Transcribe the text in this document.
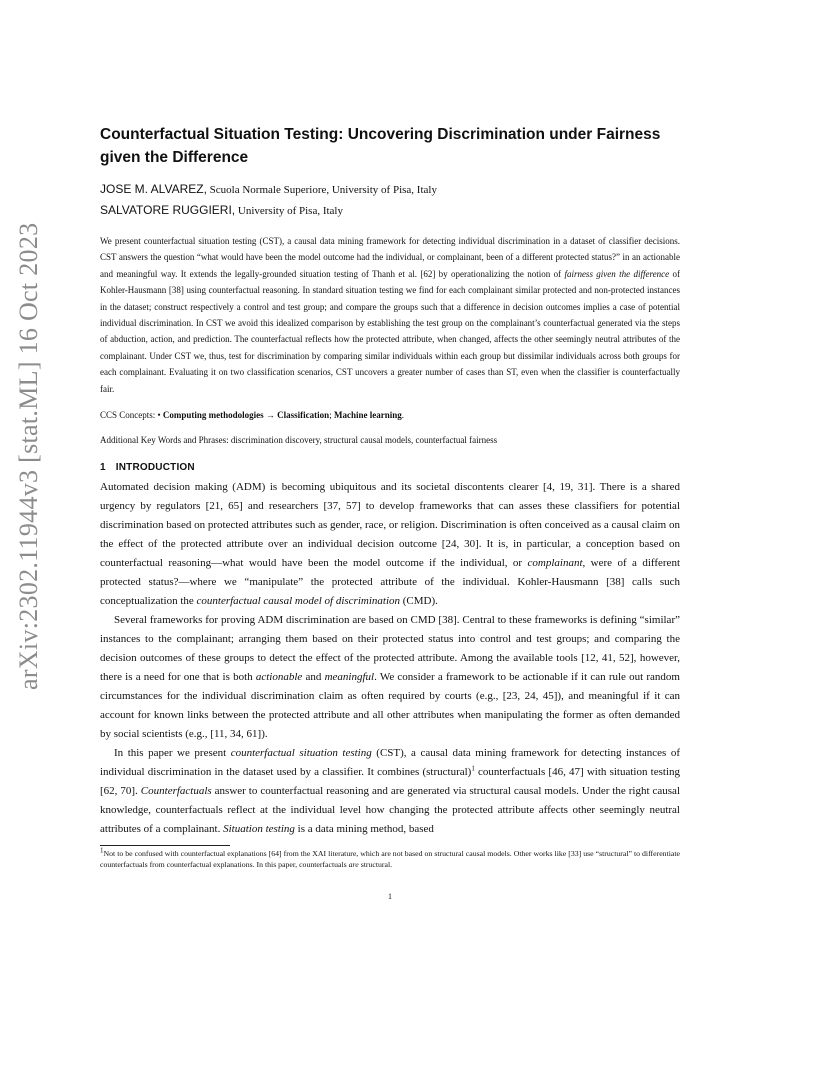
arXiv:2302.11944v3 [stat.ML] 16 Oct 2023
Counterfactual Situation Testing: Uncovering Discrimination under Fairness given the Difference
JOSE M. ALVAREZ, Scuola Normale Superiore, University of Pisa, Italy
SALVATORE RUGGIERI, University of Pisa, Italy
We present counterfactual situation testing (CST), a causal data mining framework for detecting individual discrimination in a dataset of classifier decisions. CST answers the question “what would have been the model outcome had the individual, or complainant, been of a different protected status?” in an actionable and meaningful way. It extends the legally-grounded situation testing of Thanh et al. [62] by operationalizing the notion of fairness given the difference of Kohler-Hausmann [38] using counterfactual reasoning. In standard situation testing we find for each complainant similar protected and non-protected instances in the dataset; construct respectively a control and test group; and compare the groups such that a difference in decision outcomes implies a case of potential individual discrimination. In CST we avoid this idealized comparison by establishing the test group on the complainant’s counterfactual generated via the steps of abduction, action, and prediction. The counterfactual reflects how the protected attribute, when changed, affects the other seemingly neutral attributes of the complainant. Under CST we, thus, test for discrimination by comparing similar individuals within each group but dissimilar individuals across both groups for each complainant. Evaluating it on two classification scenarios, CST uncovers a greater number of cases than ST, even when the classifier is counterfactually fair.
CCS Concepts: • Computing methodologies → Classification; Machine learning.
Additional Key Words and Phrases: discrimination discovery, structural causal models, counterfactual fairness
1 INTRODUCTION

Automated decision making (ADM) is becoming ubiquitous and its societal discontents clearer [4, 19, 31]. There is a shared urgency by regulators [21, 65] and researchers [37, 57] to develop frameworks that can asses these classifiers for potential discrimination based on protected attributes such as gender, race, or religion. Discrimination is often conceived as a causal claim on the effect of the protected attribute over an individual decision outcome [24, 30]. It is, in particular, a conception based on counterfactual reasoning—what would have been the model outcome if the individual, or complainant, were of a different protected status?—where we “manipulate” the protected attribute of the individual. Kohler-Hausmann [38] calls such conceptualization the counterfactual causal model of discrimination (CMD).

Several frameworks for proving ADM discrimination are based on CMD [38]. Central to these frameworks is defining “similar” instances to the complainant; arranging them based on their protected status into control and test groups; and comparing the decision outcomes of these groups to detect the effect of the protected attribute. Among the available tools [12, 41, 52], however, there is a need for one that is both actionable and meaningful. We consider a framework to be actionable if it can rule out random circumstances for the individual discrimination claim as often required by courts (e.g., [23, 24, 45]), and meaningful if it can account for known links between the protected attribute and all other attributes when manipulating the former as often demanded by social scientists (e.g., [11, 34, 61]).

In this paper we present counterfactual situation testing (CST), a causal data mining framework for detecting instances of individual discrimination in the dataset used by a classifier. It combines (structural)$^1$ counterfactuals [46, 47] with situation testing [62, 70]. Counterfactuals answer to counterfactual reasoning and are generated via structural causal models. Under the right causal knowledge, counterfactuals reflect at the individual level how changing the protected attribute affects other seemingly neutral attributes of a complainant. Situation testing is a data mining method, based

$^1$Not to be confused with counterfactual explanations [64] from the XAI literature, which are not based on structural causal models. Other works like [33] use “structural” to differentiate counterfactuals from counterfactual explanations. In this paper, counterfactuals are structural.
1
